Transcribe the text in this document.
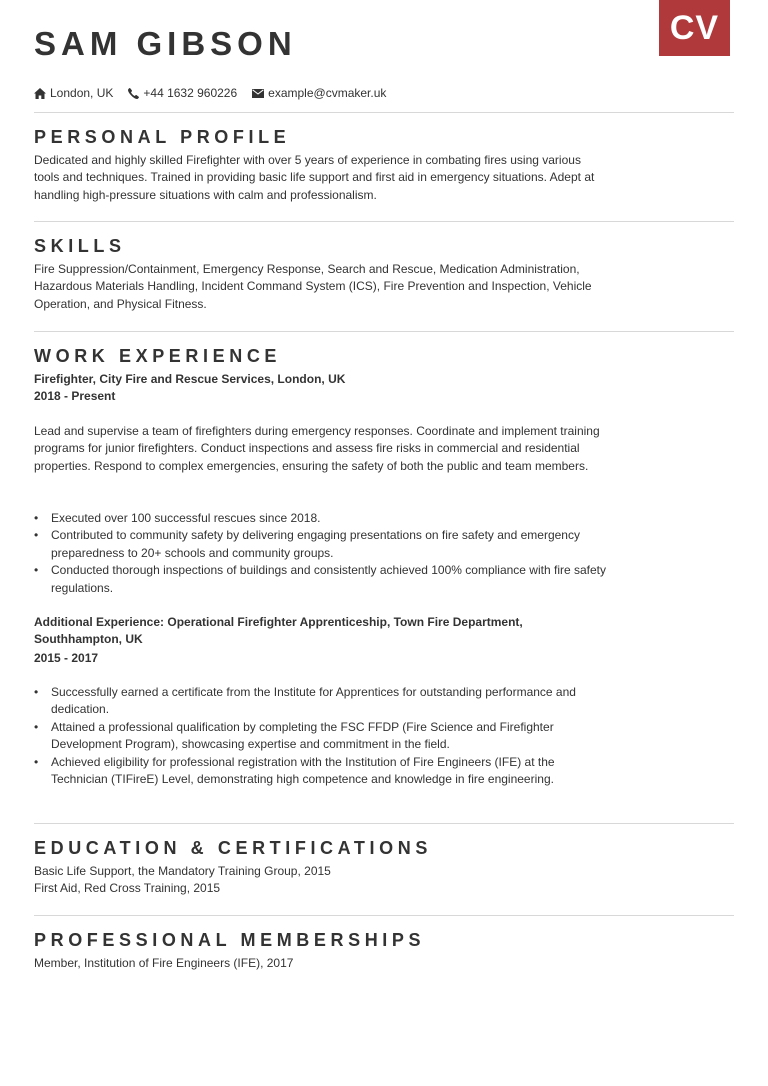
CV
SAM GIBSON
London, UK	+44 1632 960226	example@cvmaker.uk
PERSONAL PROFILE
Dedicated and highly skilled Firefighter with over 5 years of experience in combating fires using various tools and techniques. Trained in providing basic life support and first aid in emergency situations. Adept at handling high-pressure situations with calm and professionalism.
SKILLS
Fire Suppression/Containment, Emergency Response, Search and Rescue, Medication Administration, Hazardous Materials Handling, Incident Command System (ICS), Fire Prevention and Inspection, Vehicle Operation, and Physical Fitness.
WORK EXPERIENCE
Firefighter, City Fire and Rescue Services, London, UK
2018 - Present
Lead and supervise a team of firefighters during emergency responses. Coordinate and implement training programs for junior firefighters. Conduct inspections and assess fire risks in commercial and residential properties. Respond to complex emergencies, ensuring the safety of both the public and team members.
• Executed over 100 successful rescues since 2018.
• Contributed to community safety by delivering engaging presentations on fire safety and emergency preparedness to 20+ schools and community groups.
• Conducted thorough inspections of buildings and consistently achieved 100% compliance with fire safety regulations.
Additional Experience: Operational Firefighter Apprenticeship, Town Fire Department, Southhampton, UK
2015 - 2017
• Successfully earned a certificate from the Institute for Apprentices for outstanding performance and dedication.
• Attained a professional qualification by completing the FSC FFDP (Fire Science and Firefighter Development Program), showcasing expertise and commitment in the field.
• Achieved eligibility for professional registration with the Institution of Fire Engineers (IFE) at the Technician (TIFireE) Level, demonstrating high competence and knowledge in fire engineering.
EDUCATION & CERTIFICATIONS
Basic Life Support, the Mandatory Training Group, 2015
First Aid, Red Cross Training, 2015
PROFESSIONAL MEMBERSHIPS
Member, Institution of Fire Engineers (IFE), 2017
